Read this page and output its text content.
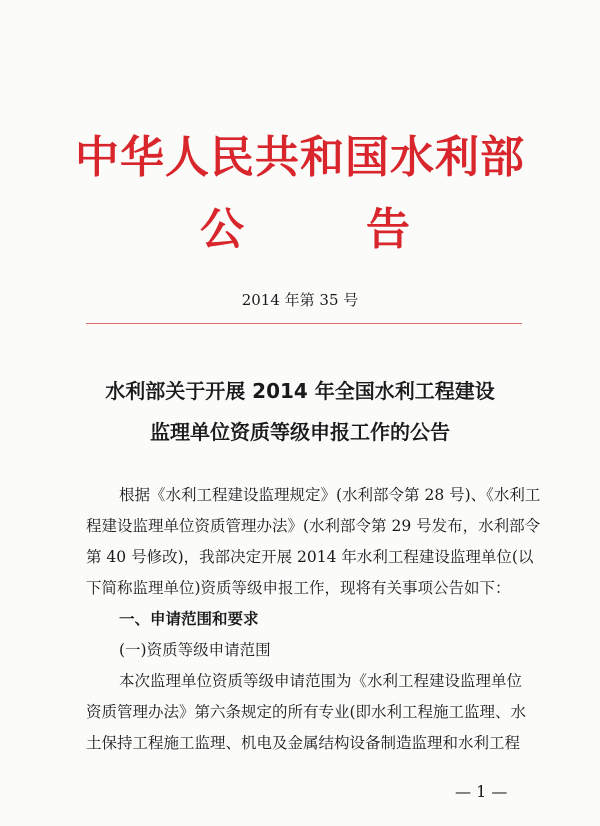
中华人民共和国水利部
公	告
2014 年第 35 号
水利部关于开展 2014 年全国水利工程建设
监理单位资质等级申报工作的公告
根据《水利工程建设监理规定》(水利部令第 28 号)、《水利工
程建设监理单位资质管理办法》(水利部令第 29 号发布，水利部令
第 40 号修改)，我部决定开展 2014 年水利工程建设监理单位(以
下简称监理单位)资质等级申报工作，现将有关事项公告如下：
一、申请范围和要求
(一)资质等级申请范围
本次监理单位资质等级申请范围为《水利工程建设监理单位
资质管理办法》第六条规定的所有专业(即水利工程施工监理、水
土保持工程施工监理、机电及金属结构设备制造监理和水利工程
— 1 —
